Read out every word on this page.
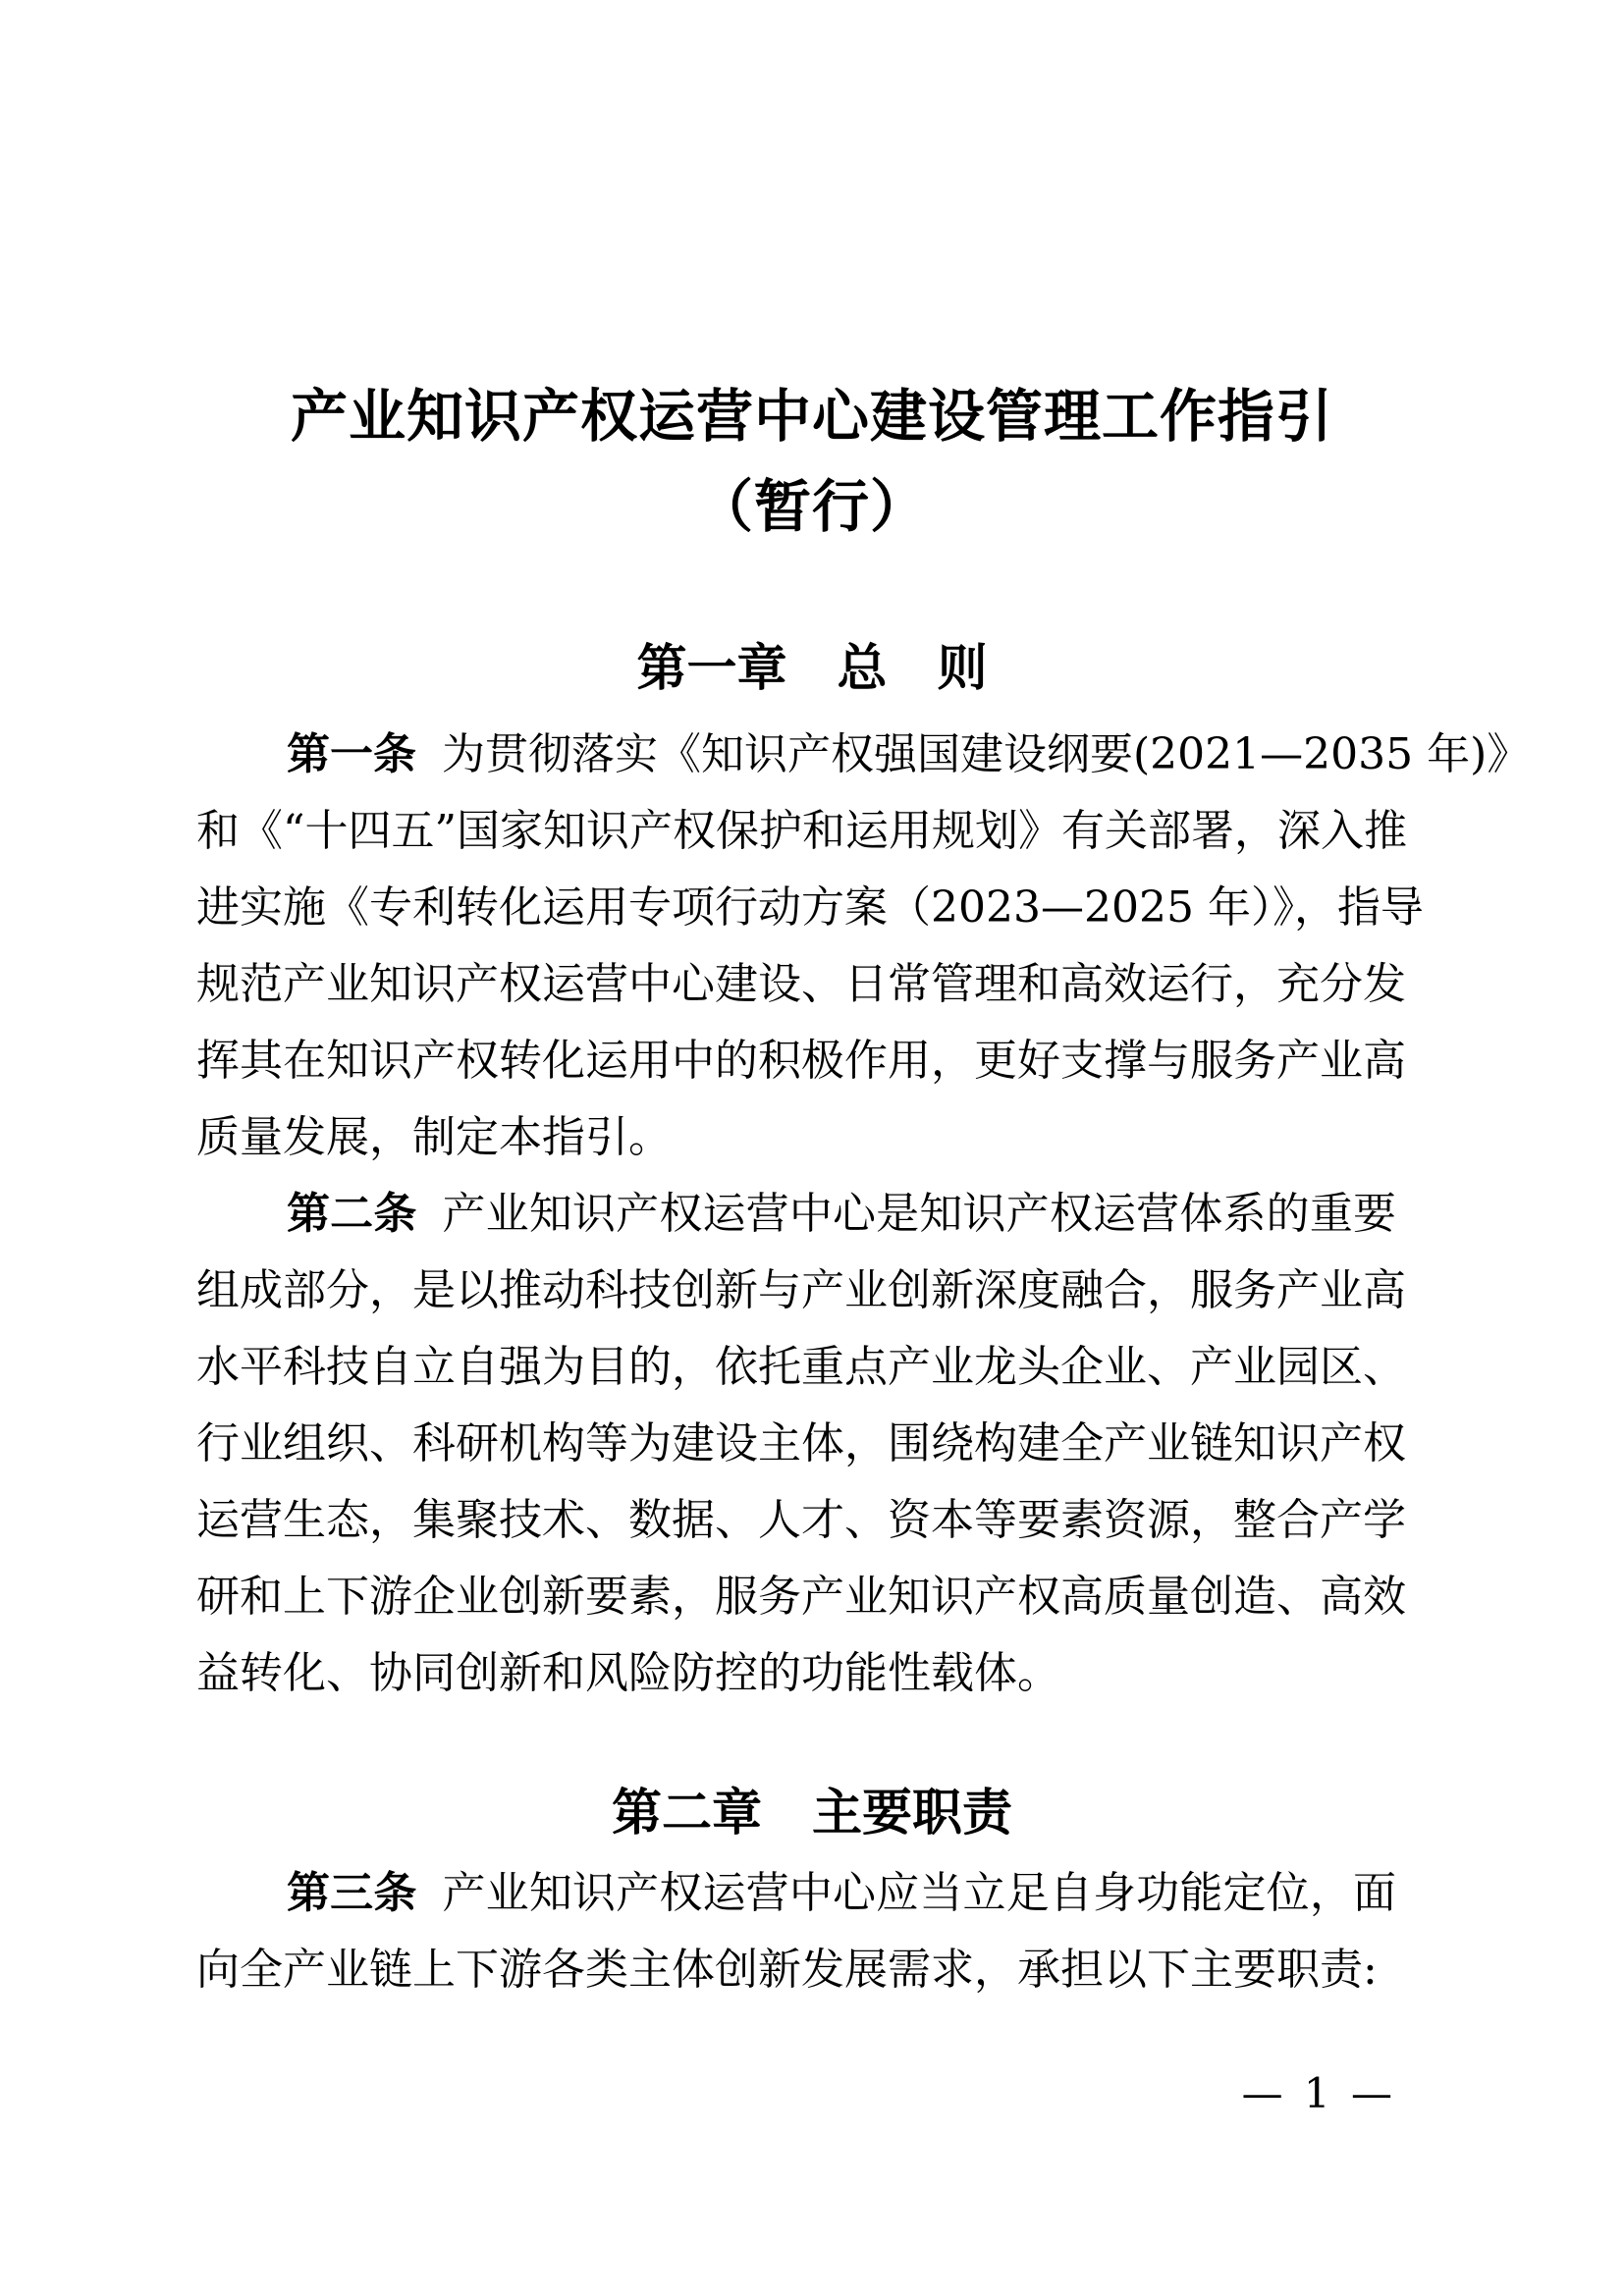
产业知识产权运营中心建设管理工作指引
（暂行）
第一章　总　则
第一条 为贯彻落实《知识产权强国建设纲要(2021—2035 年)》
和《“十四五”国家知识产权保护和运用规划》有关部署，深入推
进实施《专利转化运用专项行动方案（2023—2025 年）》，指导
规范产业知识产权运营中心建设、日常管理和高效运行，充分发
挥其在知识产权转化运用中的积极作用，更好支撑与服务产业高
质量发展，制定本指引。
第二条 产业知识产权运营中心是知识产权运营体系的重要
组成部分，是以推动科技创新与产业创新深度融合，服务产业高
水平科技自立自强为目的，依托重点产业龙头企业、产业园区、
行业组织、科研机构等为建设主体，围绕构建全产业链知识产权
运营生态，集聚技术、数据、人才、资本等要素资源，整合产学
研和上下游企业创新要素，服务产业知识产权高质量创造、高效
益转化、协同创新和风险防控的功能性载体。
第二章　主要职责
第三条 产业知识产权运营中心应当立足自身功能定位，面
向全产业链上下游各类主体创新发展需求，承担以下主要职责:
— 1 —
